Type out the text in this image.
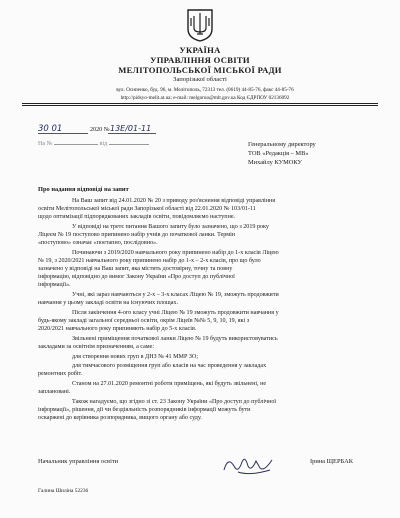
УКРАЇНА
УПРАВЛІННЯ ОСВІТИ
МЕЛІТОПОЛЬСЬКОЇ МІСЬКОЇ РАДИ
Запорізької області
вул. Осипенко, буд. 96, м. Мелітополь, 72313 тел. (0619) 44-85-76, факс 44-85-76
http://pidsyo-melit.at.ua; e-mail: melgoruo@mlt.gov.ua Код ЄДРПОУ 02136092
30 01	2020 № 13Е/01-11
На №	від	Генеральному директору
ТОВ «Редакція – МВ»
Михайлу КУМОКУ
Про надання відповіді на запит
На Ваш запит від 24.01.2020 № 20 з приводу роз'яснення відповіді управління
освіти Мелітопольської міської ради Запорізької області від 22.01.2020 № 103/01-11
щодо оптимізації підпорядкованих закладів освіти, повідомляємо наступне.
У відповіді на третє питання Вашого запиту було зазначено, що з 2019 року
Ліцеєм № 19 поступово припинено набір учнів до початкової ланки. Термін
«поступово» означає «поетапно, послідовно».
Починаючи з 2019/2020 навчального року припинено набір до 1-х класів Ліцею
№ 19, з 2020/2021 навчального року припинено набір до 1-х – 2-х класів, про що було
зазначено у відповіді на Ваш запит, яка містить достовірну, точну та повну
інформацію, відповідно до вимог Закону України «Про доступ до публічної
інформації».
Учні, які зараз навчаються у 2-х – 3-х класах Ліцею № 19, зможуть продовжити
навчання у цьому закладі освіти на існуючих площах.
Після закінчення 4-ого класу учні Ліцею № 19 зможуть продовжити навчання у
будь-якому закладі загальної середньої освіти, окрім Ліцеїв №№ 5, 9, 10, 19, які з
2020/2021 навчального року припиняють набір до 5-х класів.
Звільнені приміщення початкової ланки Ліцею № 19 будуть використовуватись
закладами за освітнім призначенням, а саме:
для створення нових груп в ДНЗ № 41 ММР ЗО;
для тимчасового розміщення груп або класів на час проведення у закладах
ремонтних робіт.
Станом на 27.01.2020 ремонтні роботи приміщень, які будуть звільнені, не
заплановані.
Також нагадуємо, що згідно зі ст. 23 Закону України «Про доступ до публічної
інформації», рішення, дії чи бездіяльність розпорядників інформації можуть бути
оскаржені до керівника розпорядника, вищого органу або суду.
Начальник управління освіти	Ірина ЩЕРБАК
Галина Шиліна 52236
